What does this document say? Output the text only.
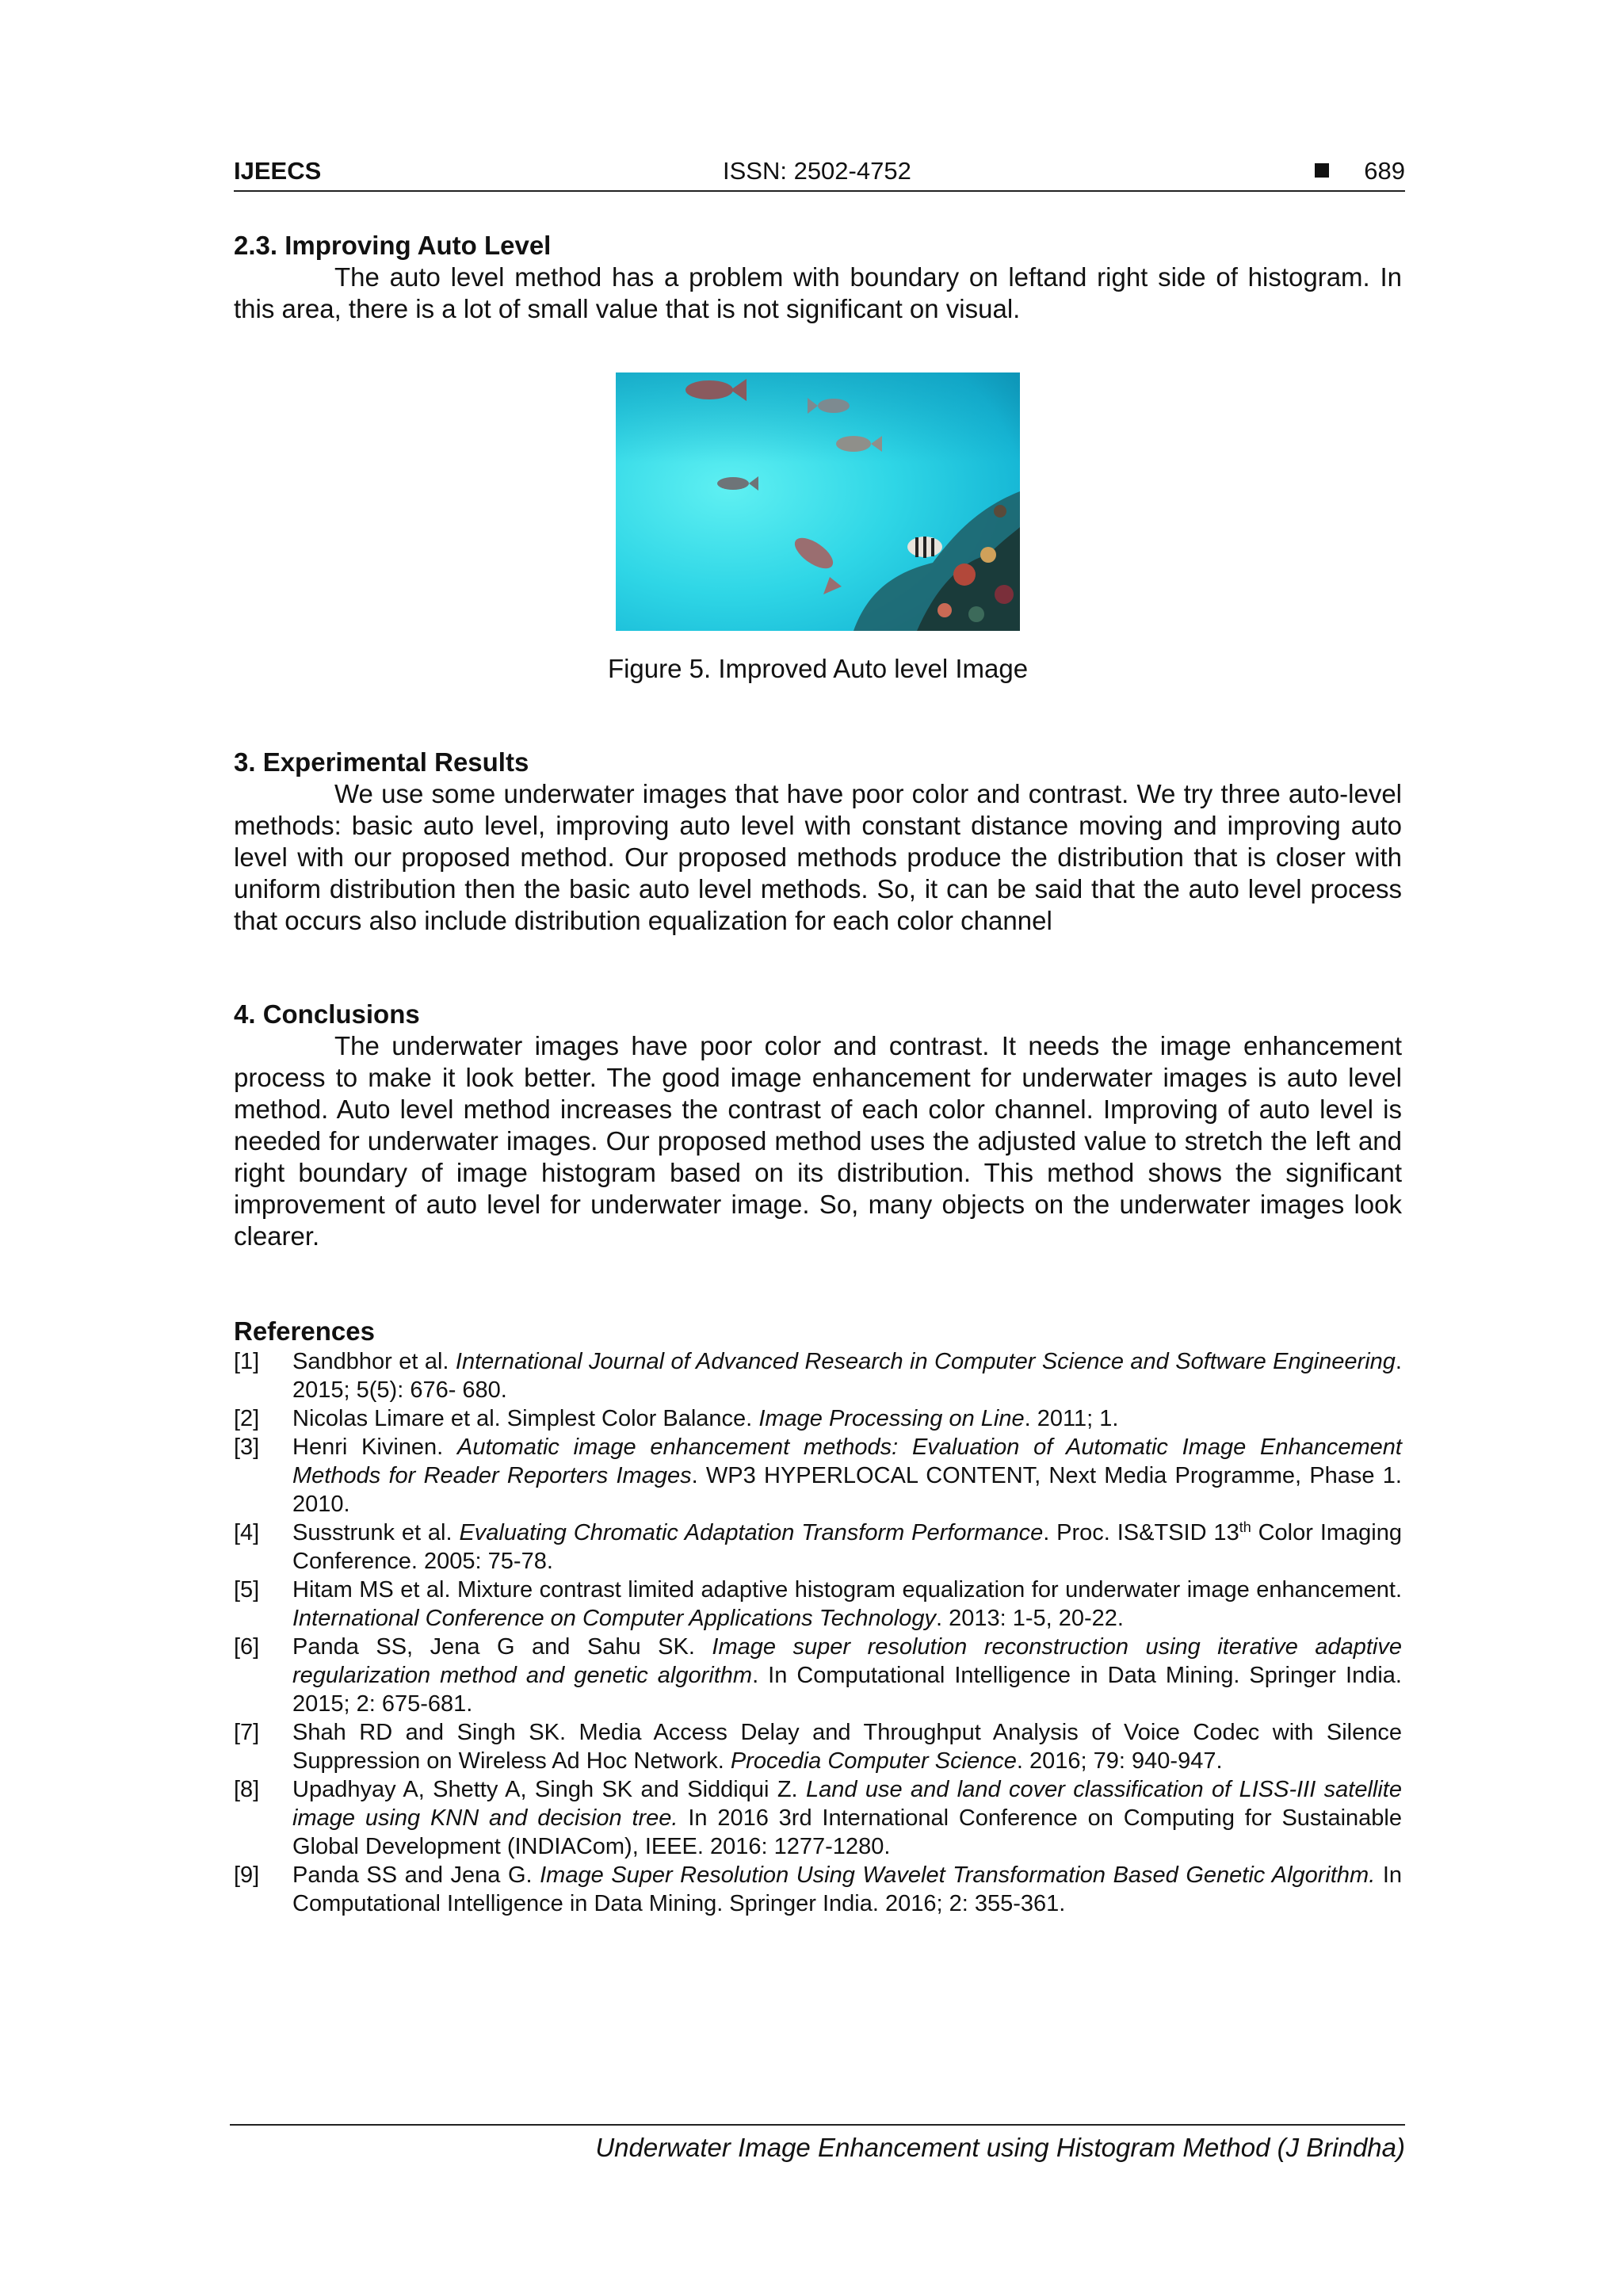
IJEECS	ISSN: 2502-4752	689
2.3. Improving Auto Level

The auto level method has a problem with boundary on leftand right side of histogram. In this area, there is a lot of small value that is not significant on visual.

Figure 5. Improved Auto level Image
3. Experimental Results

We use some underwater images that have poor color and contrast. We try three auto-level methods: basic auto level, improving auto level with constant distance moving and improving auto level with our proposed method. Our proposed methods produce the distribution that is closer with uniform distribution then the basic auto level methods. So, it can be said that the auto level process that occurs also include distribution equalization for each color channel

4. Conclusions

The underwater images have poor color and contrast. It needs the image enhancement process to make it look better. The good image enhancement for underwater images is auto level method. Auto level method increases the contrast of each color channel. Improving of auto level is needed for underwater images. Our proposed method uses the adjusted value to stretch the left and right boundary of image histogram based on its distribution. This method shows the significant improvement of auto level for underwater image. So, many objects on the underwater images look clearer.

References
[1]	Sandbhor et al. International Journal of Advanced Research in Computer Science and Software Engineering. 2015; 5(5): 676- 680.
[2]	Nicolas Limare et al. Simplest Color Balance. Image Processing on Line. 2011; 1.
[3]	Henri Kivinen. Automatic image enhancement methods: Evaluation of Automatic Image Enhancement Methods for Reader Reporters Images. WP3 HYPERLOCAL CONTENT, Next Media Programme, Phase 1. 2010.
[4]	Susstrunk et al. Evaluating Chromatic Adaptation Transform Performance. Proc. IS&TSID 13th Color Imaging Conference. 2005: 75-78.
[5]	Hitam MS et al. Mixture contrast limited adaptive histogram equalization for underwater image enhancement. International Conference on Computer Applications Technology. 2013: 1-5, 20-22.
[6]	Panda SS, Jena G and Sahu SK. Image super resolution reconstruction using iterative adaptive regularization method and genetic algorithm. In Computational Intelligence in Data Mining. Springer India. 2015; 2: 675-681.
[7]	Shah RD and Singh SK. Media Access Delay and Throughput Analysis of Voice Codec with Silence Suppression on Wireless Ad Hoc Network. Procedia Computer Science. 2016; 79: 940-947.
[8]	Upadhyay A, Shetty A, Singh SK and Siddiqui Z. Land use and land cover classification of LISS-III satellite image using KNN and decision tree. In 2016 3rd International Conference on Computing for Sustainable Global Development (INDIACom), IEEE. 2016: 1277-1280.
[9]	Panda SS and Jena G. Image Super Resolution Using Wavelet Transformation Based Genetic Algorithm. In Computational Intelligence in Data Mining. Springer India. 2016; 2: 355-361.
Underwater Image Enhancement using Histogram Method (J Brindha)
